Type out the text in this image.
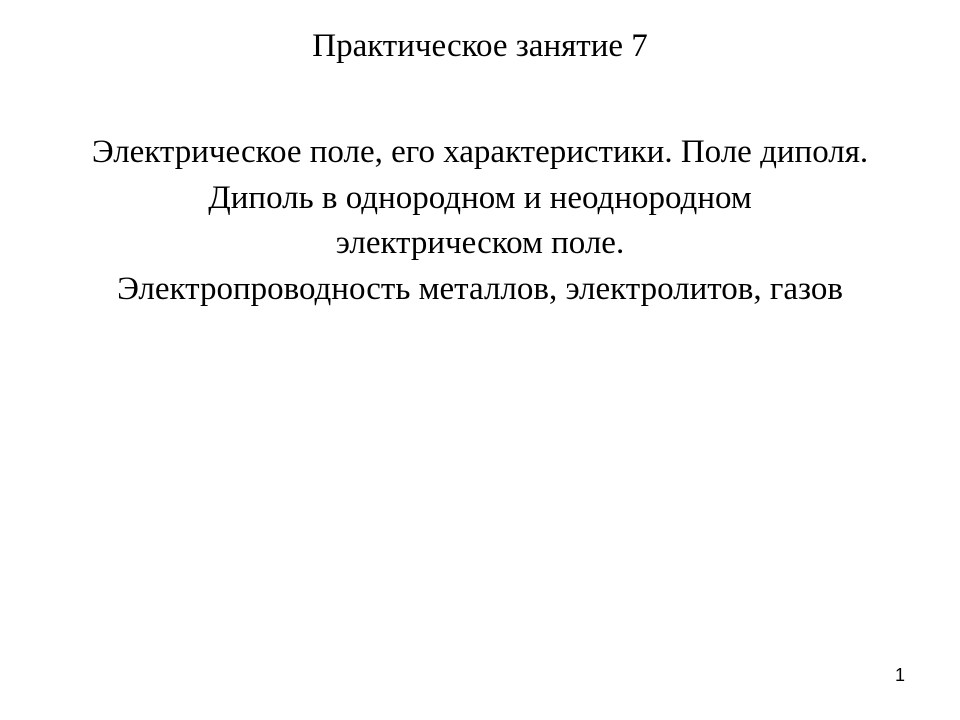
Практическое занятие 7
Электрическое поле, его характеристики. Поле диполя.
Диполь в однородном и неоднородном
электрическом поле.
Электропроводность металлов, электролитов, газов
1
